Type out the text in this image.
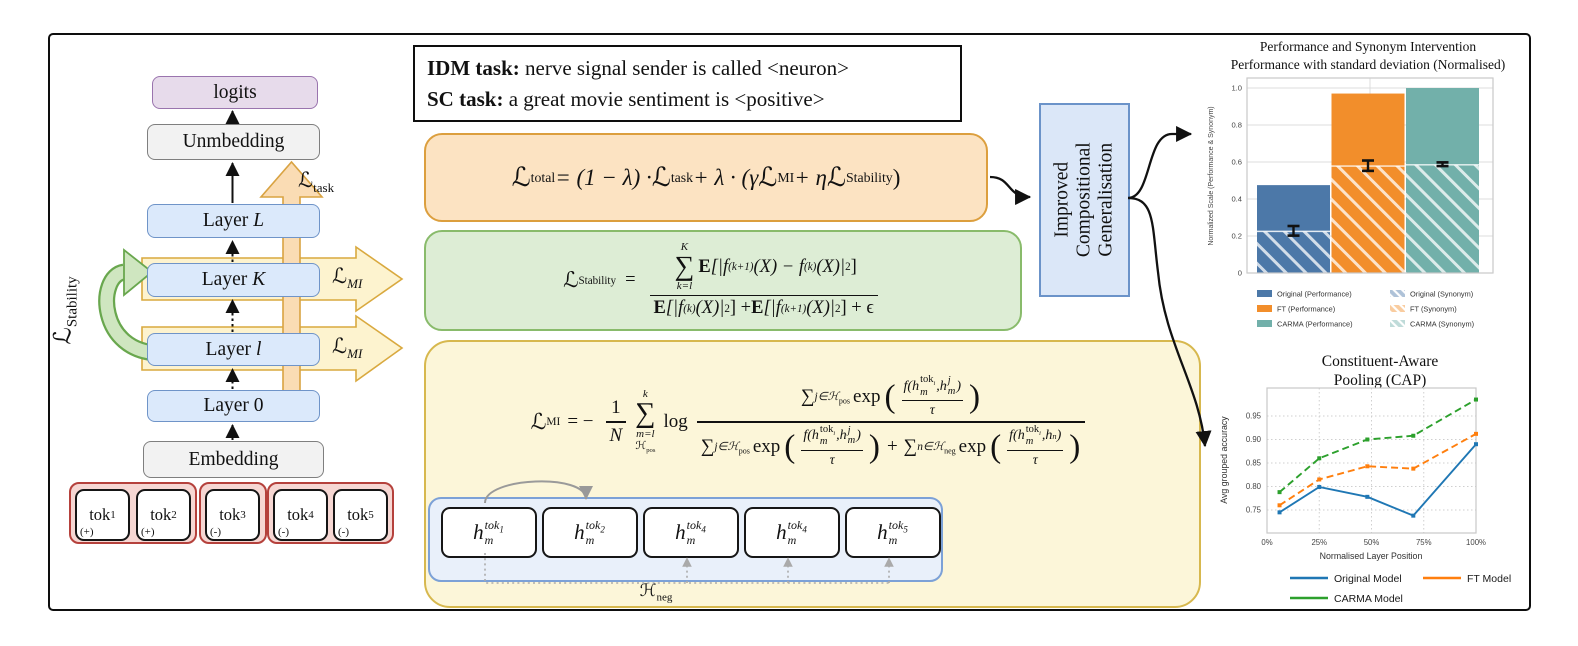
logits
Unmbedding
Layer L
Layer K
Layer l
Layer 0
Embedding
ℒ$_{task}$
ℒ$_{MI}$
ℒ$_{MI}$
ℒ$_{Stability}$
tok 1
(+)
tok 2
(+)
tok 3
(-)
tok 4
(-)
tok 5
(-)
IDM task: nerve signal sender is called <neuron>
SC task: a great movie sentiment is <positive>
ℒ total = (1 − λ) · ℒ task + λ · (γ ℒ MI + η ℒ Stability )
ℒ Stability = K
∑
k=l
E [|f (k+1) (X) − f (k) (X)| 2 ]
E [|f (k) (X)| 2 ] + E [|f (k+1) (X)| 2 ] + ϵ
ℒ MI = − $\frac{1}{N}$
k
∑
m=l
ℋ$_{pos}$
log
∑ j∈ℋ$_{pos}$ exp ( f(h tok$_i$
m ,h j
m )
τ )
∑ j∈ℋ$_{pos}$ exp ( f(h tok$_i$
m ,h j
m )
τ ) + ∑ n∈ℋ$_{neg}$ exp ( f(h tok$_i$
m ,h n )
τ )
h tok$_1$
m	h tok$_2$
m	h tok$_4$
m	h tok$_4$
m	h tok$_5$
m
ℋ$_{neg}$
Improved Compositional Generalisation
Performance and Synonym Intervention
Performance with standard deviation (Normalised)
Constituent-Aware
Pooling (CAP)
0
0.2
0.4
0.6
0.8
1.0
Normalized Scale (Performance & Synonym)
Original (Performance)
FT (Performance)
CARMA (Performance)
Original (Synonym)
FT (Synonym)
CARMA (Synonym)
0.75
0.80
0.85
0.90
0.95
0%	25%	50%	75%	100%
Normalised Layer Position
Avg grouped accuracy
Original Model	FT Model
CARMA Model
